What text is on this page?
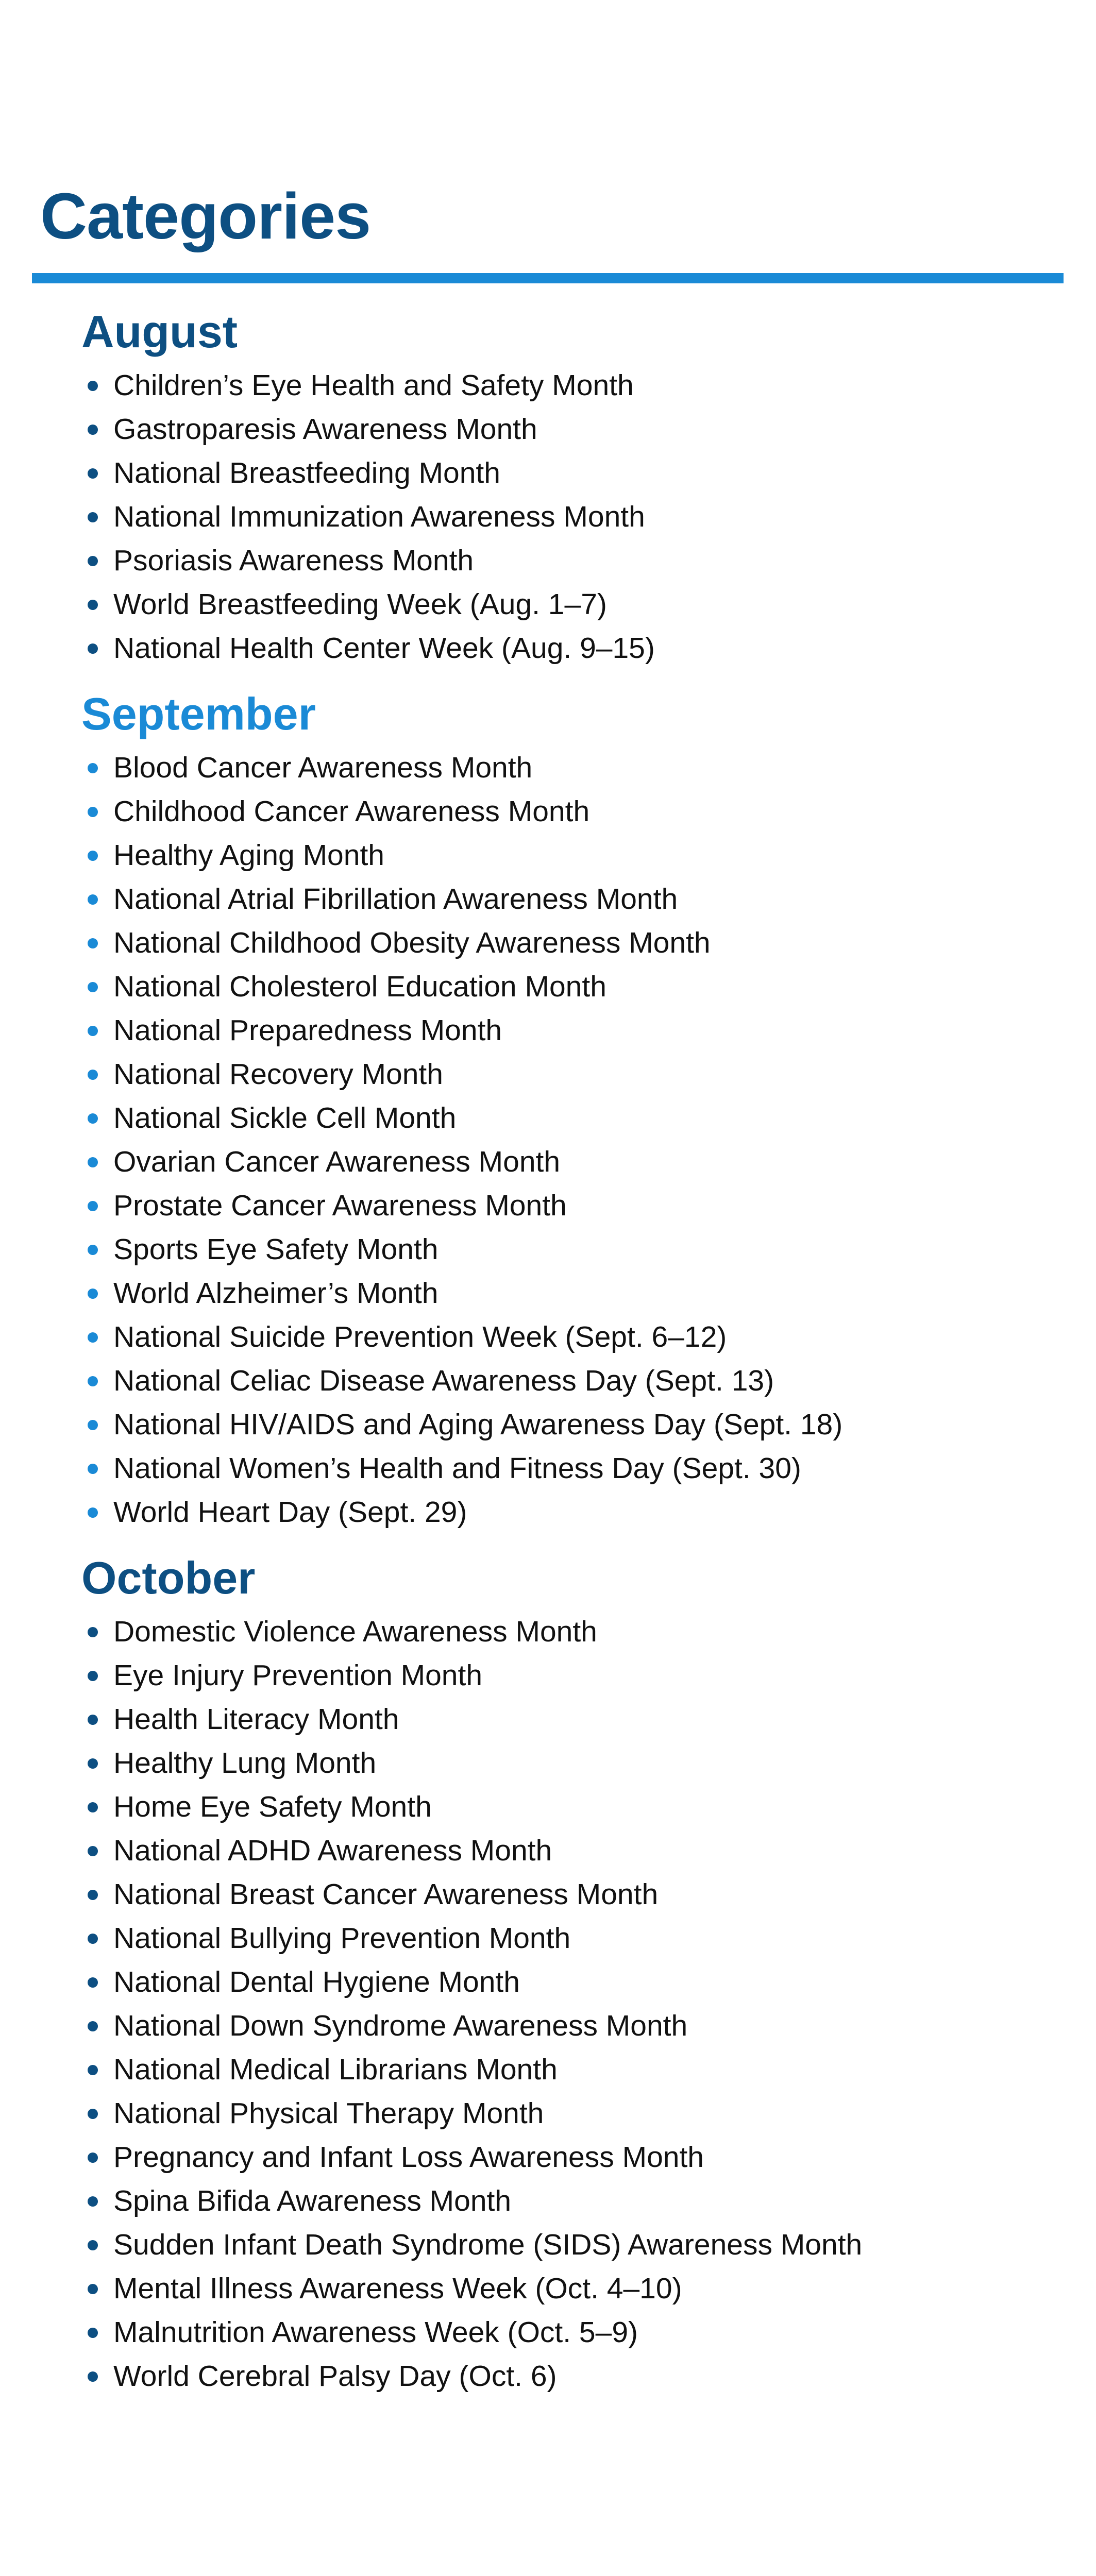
Categories
August
Children’s Eye Health and Safety Month
Gastroparesis Awareness Month
National Breastfeeding Month
National Immunization Awareness Month
Psoriasis Awareness Month
World Breastfeeding Week (Aug. 1–7)
National Health Center Week (Aug. 9–15)
September
Blood Cancer Awareness Month
Childhood Cancer Awareness Month
Healthy Aging Month
National Atrial Fibrillation Awareness Month
National Childhood Obesity Awareness Month
National Cholesterol Education Month
National Preparedness Month
National Recovery Month
National Sickle Cell Month
Ovarian Cancer Awareness Month
Prostate Cancer Awareness Month
Sports Eye Safety Month
World Alzheimer’s Month
National Suicide Prevention Week (Sept. 6–12)
National Celiac Disease Awareness Day (Sept. 13)
National HIV/AIDS and Aging Awareness Day (Sept. 18)
National Women’s Health and Fitness Day (Sept. 30)
World Heart Day (Sept. 29)
October
Domestic Violence Awareness Month
Eye Injury Prevention Month
Health Literacy Month
Healthy Lung Month
Home Eye Safety Month
National ADHD Awareness Month
National Breast Cancer Awareness Month
National Bullying Prevention Month
National Dental Hygiene Month
National Down Syndrome Awareness Month
National Medical Librarians Month
National Physical Therapy Month
Pregnancy and Infant Loss Awareness Month
Spina Bifida Awareness Month
Sudden Infant Death Syndrome (SIDS) Awareness Month
Mental Illness Awareness Week (Oct. 4–10)
Malnutrition Awareness Week (Oct. 5–9)
World Cerebral Palsy Day (Oct. 6)
